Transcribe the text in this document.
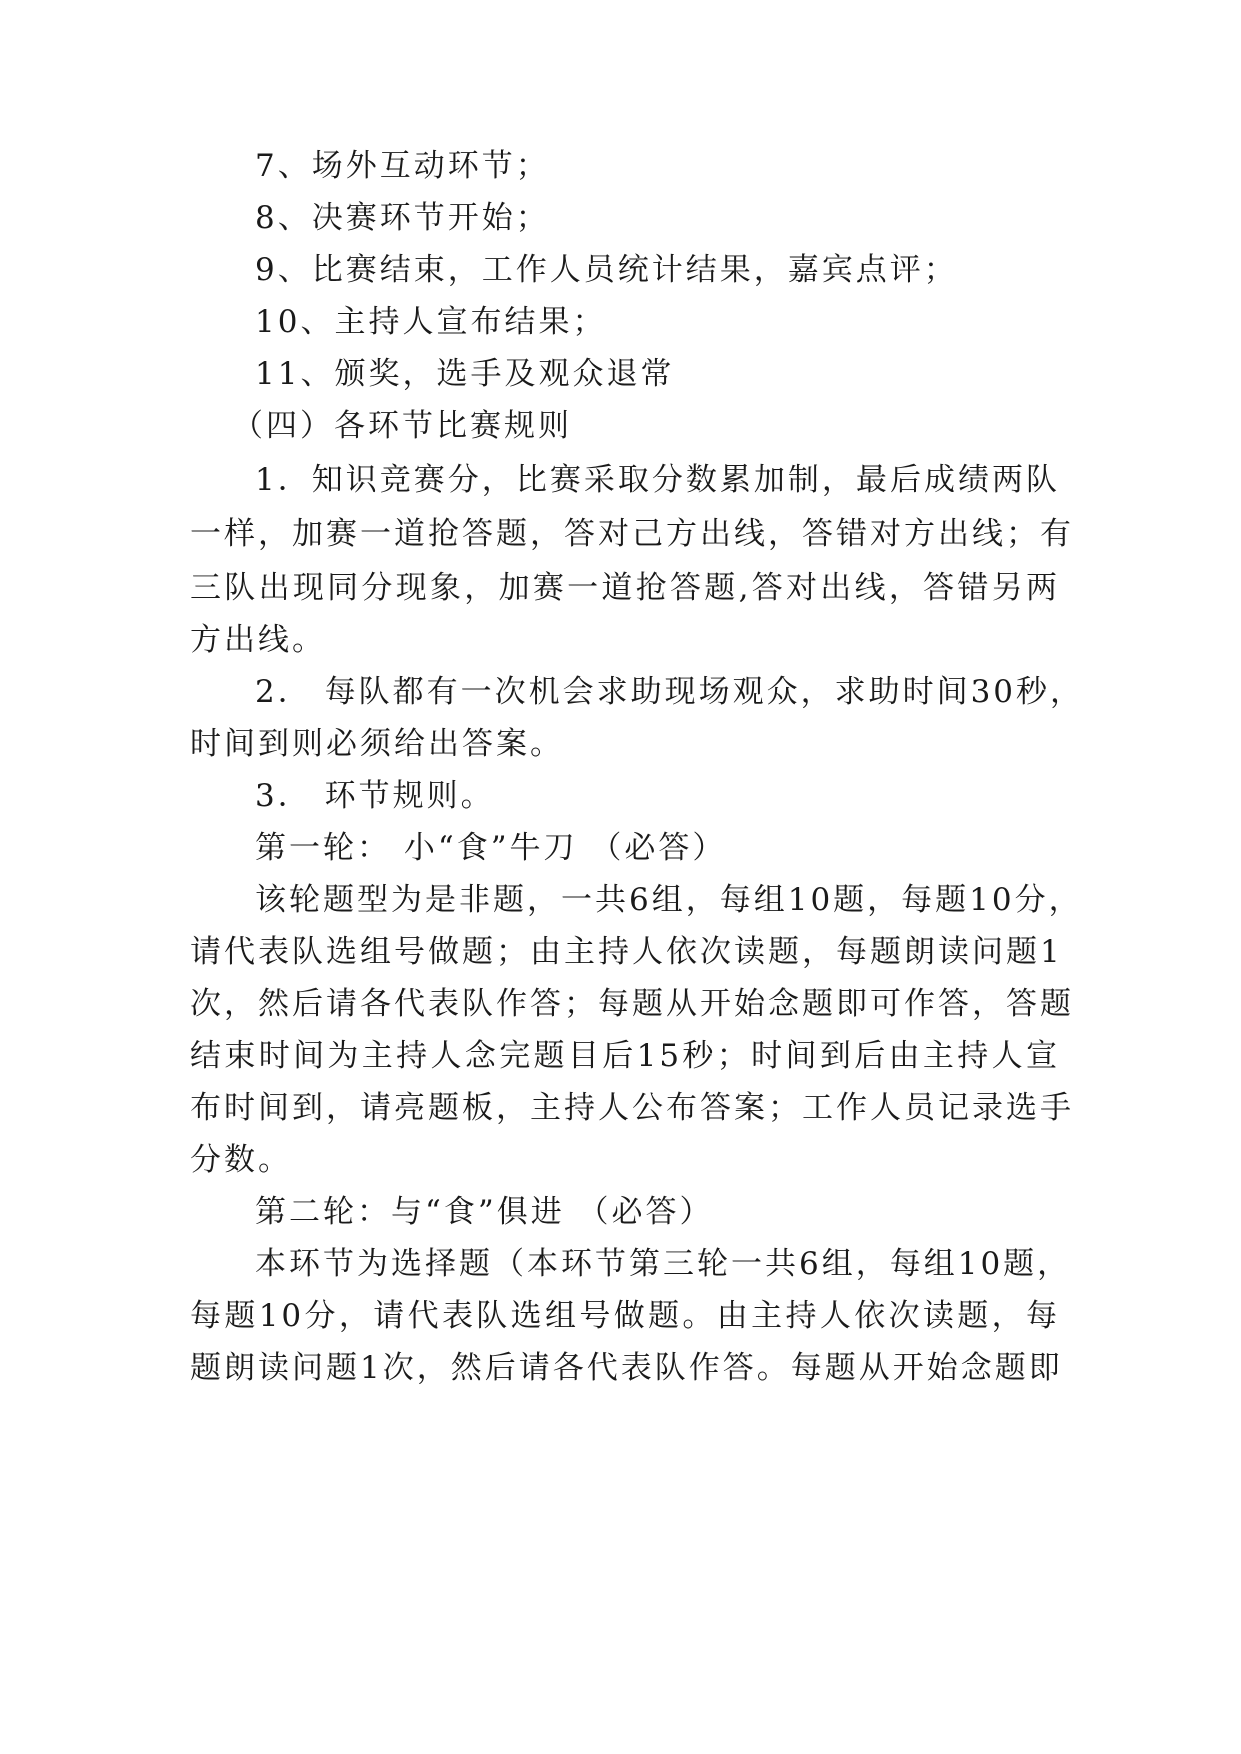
7、场外互动环节；
8、决赛环节开始；
9、比赛结束，工作人员统计结果，嘉宾点评；
10、主持人宣布结果；
11、颁奖，选手及观众退常
（四）各环节比赛规则
1．知识竞赛分，比赛采取分数累加制，最后成绩两队
一样，加赛一道抢答题，答对己方出线，答错对方出线；有
三队出现同分现象，加赛一道抢答题,答对出线，答错另两
方出线。
2． 每队都有一次机会求助现场观众，求助时间30秒，
时间到则必须给出答案。
3． 环节规则。
第一轮： 小“食”牛刀 （必答）
该轮题型为是非题，一共6组，每组10题，每题10分，
请代表队选组号做题；由主持人依次读题，每题朗读问题1
次，然后请各代表队作答；每题从开始念题即可作答，答题
结束时间为主持人念完题目后15秒；时间到后由主持人宣
布时间到，请亮题板，主持人公布答案；工作人员记录选手
分数。
第二轮：与“食”俱进 （必答）
本环节为选择题（本环节第三轮一共6组，每组10题，
每题10分，请代表队选组号做题。由主持人依次读题，每
题朗读问题1次，然后请各代表队作答。每题从开始念题即
